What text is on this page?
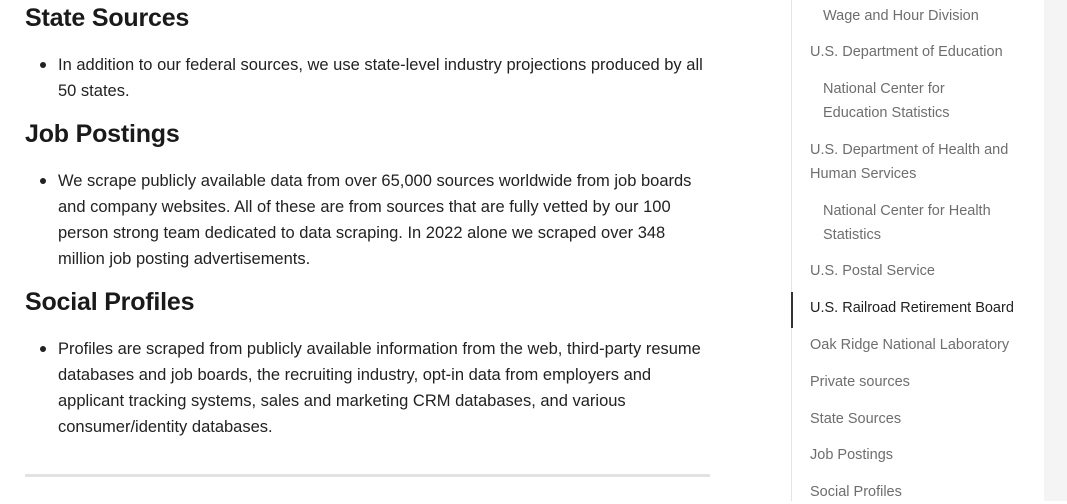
State Sources
In addition to our federal sources, we use state-level industry projections produced by all 50 states.
Job Postings
We scrape publicly available data from over 65,000 sources worldwide from job boards and company websites. All of these are from sources that are fully vetted by our 100 person strong team dedicated to data scraping. In 2022 alone we scraped over 348 million job posting advertisements.
Social Profiles
Profiles are scraped from publicly available information from the web, third-party resume databases and job boards, the recruiting industry, opt-in data from employers and applicant tracking systems, sales and marketing CRM databases, and various consumer/identity databases.
Wage and Hour Division
U.S. Department of Education
National Center for
Education Statistics
U.S. Department of Health and
Human Services
National Center for Health
Statistics
U.S. Postal Service
U.S. Railroad Retirement Board
Oak Ridge National Laboratory
Private sources
State Sources
Job Postings
Social Profiles
